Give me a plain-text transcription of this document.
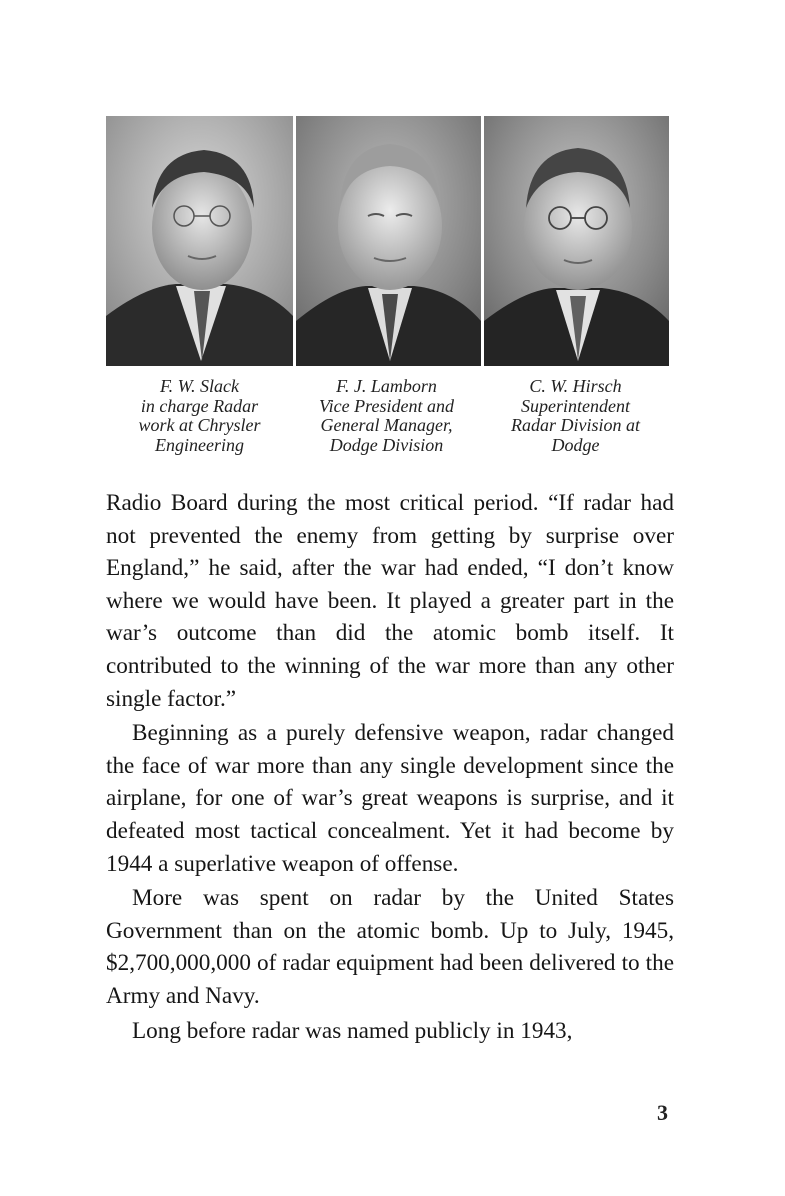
F. W. Slack
in charge Radar
work at Chrysler
Engineering
F. J. Lamborn
Vice President and
General Manager,
Dodge Division
C. W. Hirsch
Superintendent
Radar Division at
Dodge

Radio Board during the most critical period. “If radar had not prevented the enemy from getting by surprise over England,” he said, after the war had ended, “I don’t know where we would have been. It played a greater part in the war’s outcome than did the atomic bomb itself. It contributed to the winning of the war more than any other single factor.”

Beginning as a purely defensive weapon, radar changed the face of war more than any single development since the airplane, for one of war’s great weapons is surprise, and it defeated most tactical concealment. Yet it had become by 1944 a superlative weapon of offense.

More was spent on radar by the United States Government than on the atomic bomb. Up to July, 1945, $2,700,000,000 of radar equipment had been delivered to the Army and Navy.

Long before radar was named publicly in 1943,

3
